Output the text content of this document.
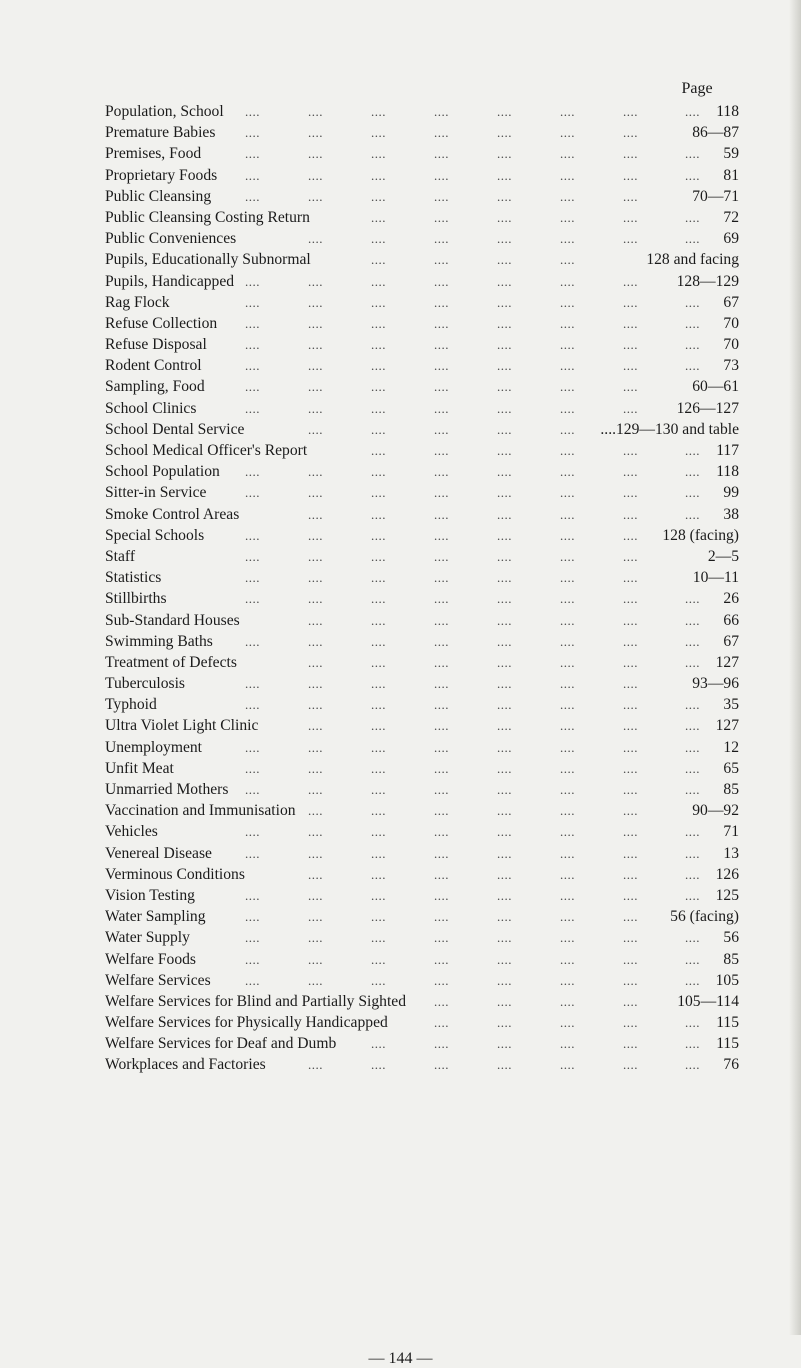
Page
....	....	....	....	....	....	....	....
Population, School	118
....	....	....	....	....	....	....
Premature Babies	86—87
....	....	....	....	....	....	....	....
Premises, Food	59
....	....	....	....	....	....	....	....
Proprietary Foods	81
....	....	....	....	....	....	....
Public Cleansing	70—71
....	....	....	....	....	....
Public Cleansing Costing Return	72
....	....	....	....	....	....	....
Public Conveniences	69
....	....	....	....
Pupils, Educationally Subnormal	128 and facing
....	....	....	....	....	....	....
Pupils, Handicapped	128—129
....	....	....	....	....	....	....	....
Rag Flock	67
....	....	....	....	....	....	....	....
Refuse Collection	70
....	....	....	....	....	....	....	....
Refuse Disposal	70
....	....	....	....	....	....	....	....
Rodent Control	73
....	....	....	....	....	....	....
Sampling, Food	60—61
....	....	....	....	....	....	....
School Clinics	126—127
....	....	....	....	....
School Dental Service	....129—130 and table
....	....	....	....	....	....
School Medical Officer's Report	117
....	....	....	....	....	....	....	....
School Population	118
....	....	....	....	....	....	....	....
Sitter-in Service	99
....	....	....	....	....	....	....
Smoke Control Areas	38
....	....	....	....	....	....	....
Special Schools	128 (facing)
....	....	....	....	....	....	....
Staff	2—5
....	....	....	....	....	....	....
Statistics	10—11
....	....	....	....	....	....	....	....
Stillbirths	26
....	....	....	....	....	....	....
Sub-Standard Houses	66
....	....	....	....	....	....	....	....
Swimming Baths	67
....	....	....	....	....	....	....
Treatment of Defects	127
....	....	....	....	....	....	....
Tuberculosis	93—96
....	....	....	....	....	....	....	....
Typhoid	35
....	....	....	....	....	....	....
Ultra Violet Light Clinic	127
....	....	....	....	....	....	....	....
Unemployment	12
....	....	....	....	....	....	....	....
Unfit Meat	65
....	....	....	....	....	....	....	....
Unmarried Mothers	85
....	....	....	....	....	....
Vaccination and Immunisation	90—92
....	....	....	....	....	....	....	....
Vehicles	71
....	....	....	....	....	....	....	....
Venereal Disease	13
....	....	....	....	....	....	....
Verminous Conditions	126
....	....	....	....	....	....	....	....
Vision Testing	125
....	....	....	....	....	....	....
Water Sampling	56 (facing)
....	....	....	....	....	....	....	....
Water Supply	56
....	....	....	....	....	....	....	....
Welfare Foods	85
....	....	....	....	....	....	....	....
Welfare Services	105
....	....	....	....
Welfare Services for Blind and Partially Sighted	105—114
....	....	....	....	....
Welfare Services for Physically Handicapped	115
....	....	....	....	....	....
Welfare Services for Deaf and Dumb	115
....	....	....	....	....	....	....
Workplaces and Factories	76
— 144 —
